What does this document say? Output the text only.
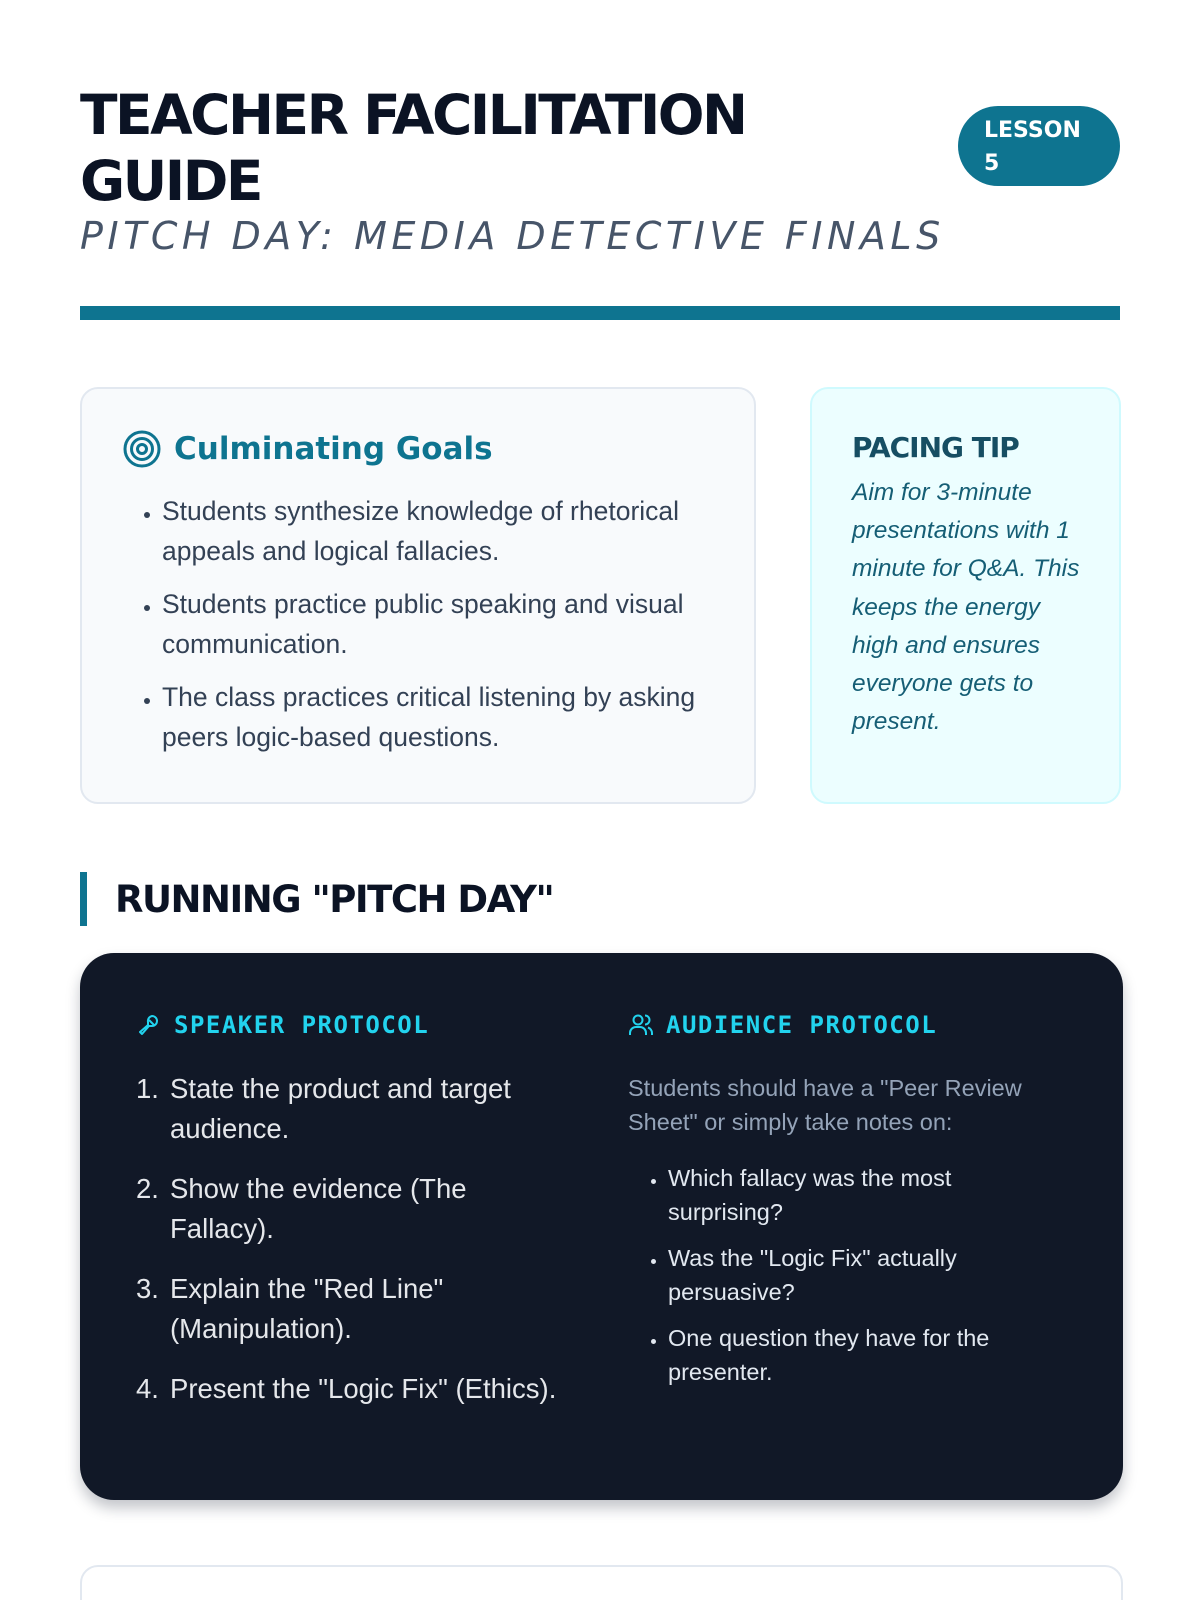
TEACHER FACILITATION GUIDE
PITCH DAY: MEDIA DETECTIVE FINALS
LESSON 5
Culminating Goals
• Students synthesize knowledge of rhetorical appeals and logical fallacies.
• Students practice public speaking and visual communication.
• The class practices critical listening by asking peers logic-based questions.
PACING TIP

Aim for 3-minute presentations with 1 minute for Q&A. This keeps the energy high and ensures everyone gets to present.

RUNNING "PITCH DAY"
SPEAKER PROTOCOL
1. State the product and target audience.
2. Show the evidence (The Fallacy).
3. Explain the "Red Line" (Manipulation).
4. Present the "Logic Fix" (Ethics).
AUDIENCE PROTOCOL

Students should have a "Peer Review Sheet" or simply take notes on:

• Which fallacy was the most surprising?
• Was the "Logic Fix" actually persuasive?
• One question they have for the presenter.
